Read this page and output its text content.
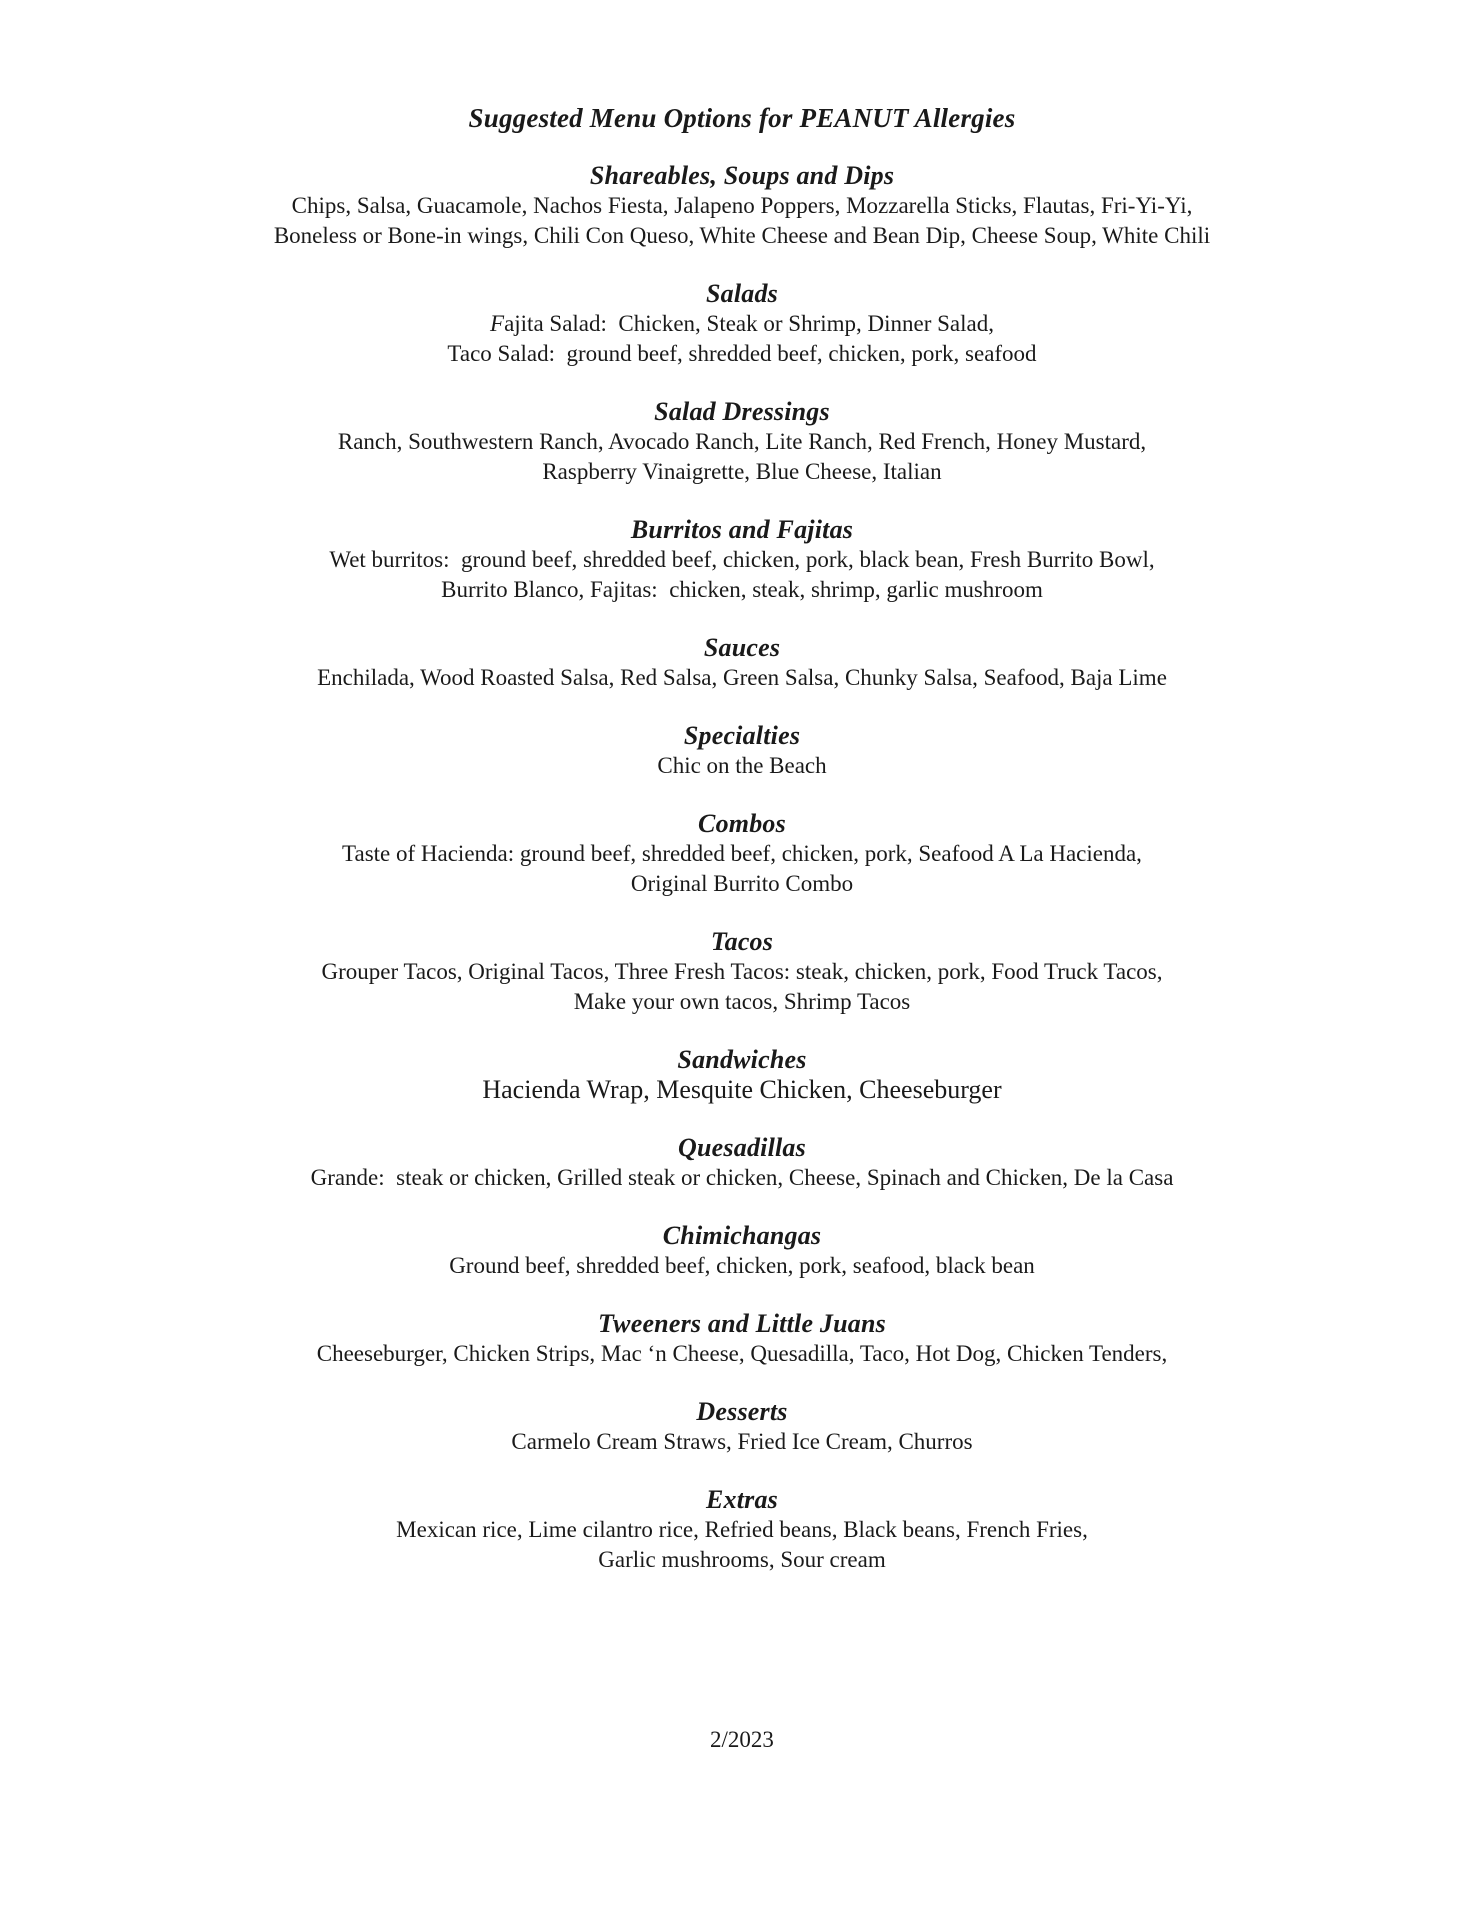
Suggested Menu Options for PEANUT Allergies
Shareables, Soups and Dips
Chips, Salsa, Guacamole, Nachos Fiesta, Jalapeno Poppers, Mozzarella Sticks, Flautas, Fri-Yi-Yi,
Boneless or Bone-in wings, Chili Con Queso, White Cheese and Bean Dip, Cheese Soup, White Chili
Salads
Fajita Salad:  Chicken, Steak or Shrimp, Dinner Salad,
Taco Salad:  ground beef, shredded beef, chicken, pork, seafood
Salad Dressings
Ranch, Southwestern Ranch, Avocado Ranch, Lite Ranch, Red French, Honey Mustard,
Raspberry Vinaigrette, Blue Cheese, Italian
Burritos and Fajitas
Wet burritos:  ground beef, shredded beef, chicken, pork, black bean, Fresh Burrito Bowl,
Burrito Blanco, Fajitas:  chicken, steak, shrimp, garlic mushroom
Sauces
Enchilada, Wood Roasted Salsa, Red Salsa, Green Salsa, Chunky Salsa, Seafood, Baja Lime
Specialties
Chic on the Beach
Combos
Taste of Hacienda: ground beef, shredded beef, chicken, pork, Seafood A La Hacienda,
Original Burrito Combo
Tacos
Grouper Tacos, Original Tacos, Three Fresh Tacos: steak, chicken, pork, Food Truck Tacos,
Make your own tacos, Shrimp Tacos
Sandwiches
Hacienda Wrap, Mesquite Chicken, Cheeseburger
Quesadillas
Grande:  steak or chicken, Grilled steak or chicken, Cheese, Spinach and Chicken, De la Casa
Chimichangas
Ground beef, shredded beef, chicken, pork, seafood, black bean
Tweeners and Little Juans
Cheeseburger, Chicken Strips, Mac ‘n Cheese, Quesadilla, Taco, Hot Dog, Chicken Tenders,
Desserts
Carmelo Cream Straws, Fried Ice Cream, Churros
Extras
Mexican rice, Lime cilantro rice, Refried beans, Black beans, French Fries,
Garlic mushrooms, Sour cream
2/2023
